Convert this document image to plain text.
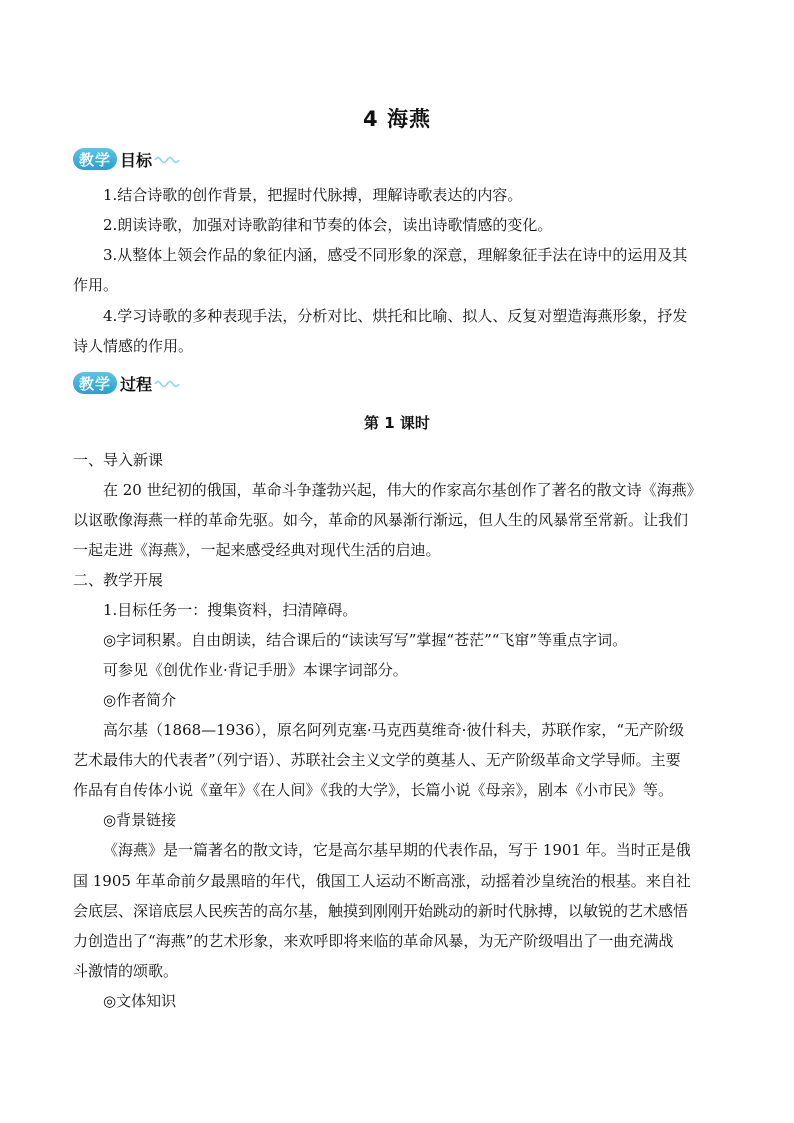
4 海燕
教学 目标
1.结合诗歌的创作背景，把握时代脉搏，理解诗歌表达的内容。
2.朗读诗歌，加强对诗歌韵律和节奏的体会，读出诗歌情感的变化。
3.从整体上领会作品的象征内涵，感受不同形象的深意，理解象征手法在诗中的运用及其
作用。
4.学习诗歌的多种表现手法，分析对比、烘托和比喻、拟人、反复对塑造海燕形象，抒发
诗人情感的作用。
教学 过程
第 1 课时
一、导入新课
在 20 世纪初的俄国，革命斗争蓬勃兴起，伟大的作家高尔基创作了著名的散文诗《海燕》
以讴歌像海燕一样的革命先驱。如今，革命的风暴渐行渐远，但人生的风暴常至常新。让我们
一起走进《海燕》，一起来感受经典对现代生活的启迪。
二、教学开展
1.目标任务一：搜集资料，扫清障碍。
◎字词积累。自由朗读，结合课后的“读读写写”掌握“苍茫”“飞窜”等重点字词。
可参见《创优作业·背记手册》本课字词部分。
◎作者简介
高尔基（1868—1936），原名阿列克塞·马克西莫维奇·彼什科夫，苏联作家，“无产阶级
艺术最伟大的代表者”（列宁语）、苏联社会主义文学的奠基人、无产阶级革命文学导师。主要
作品有自传体小说《童年》《在人间》《我的大学》，长篇小说《母亲》，剧本《小市民》等。
◎背景链接
《海燕》是一篇著名的散文诗，它是高尔基早期的代表作品，写于 1901 年。当时正是俄
国 1905 年革命前夕最黑暗的年代，俄国工人运动不断高涨，动摇着沙皇统治的根基。来自社
会底层、深谙底层人民疾苦的高尔基，触摸到刚刚开始跳动的新时代脉搏，以敏锐的艺术感悟
力创造出了“海燕”的艺术形象，来欢呼即将来临的革命风暴，为无产阶级唱出了一曲充满战
斗激情的颂歌。
◎文体知识
